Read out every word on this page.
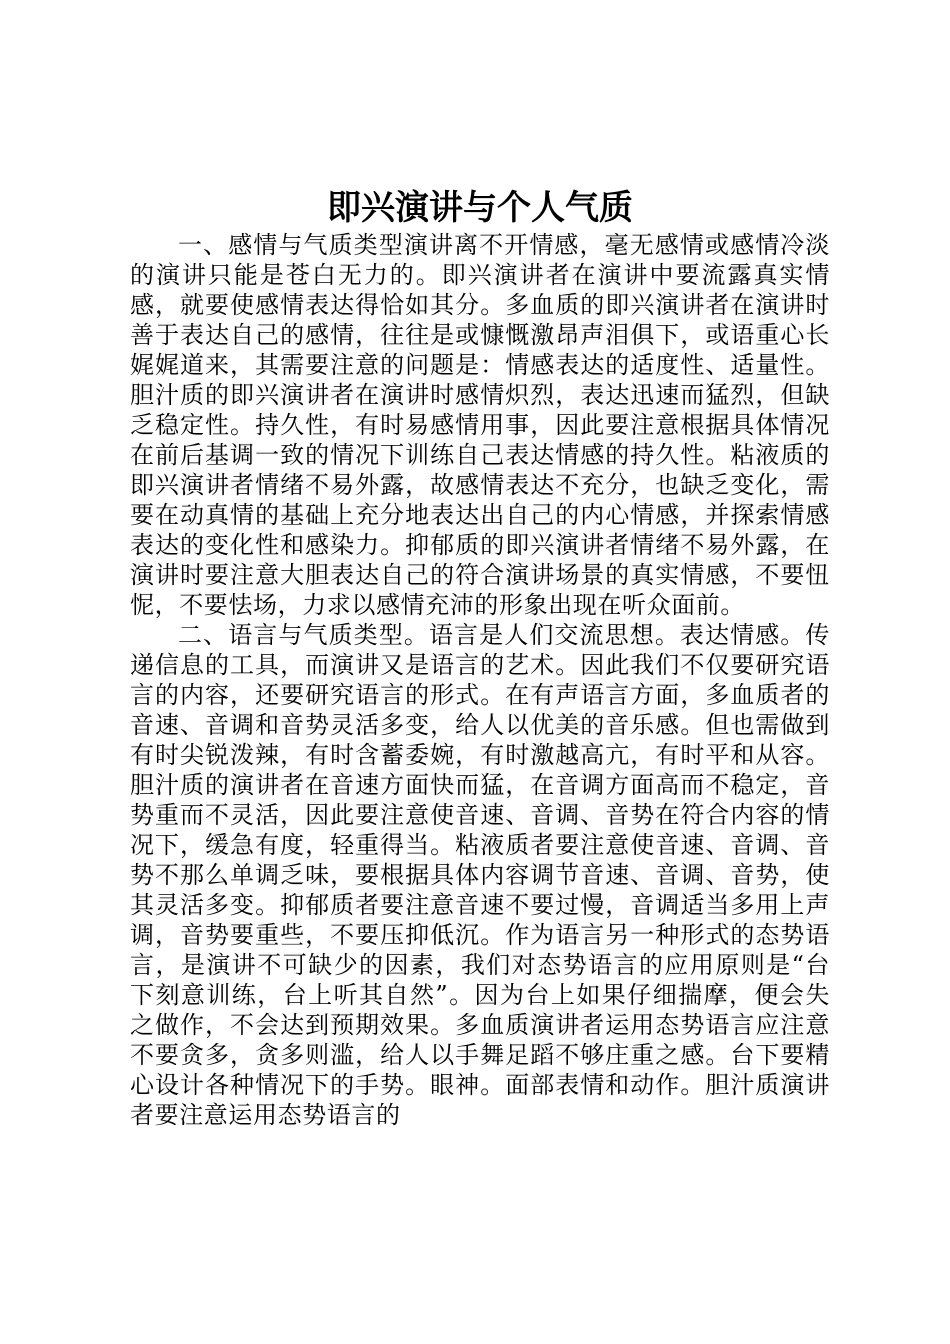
即兴演讲与个人气质

一、感情与气质类型演讲离不开情感，毫无感情或感情冷淡的演讲只能是苍白无力的。即兴演讲者在演讲中要流露真实情感，就要使感情表达得恰如其分。多血质的即兴演讲者在演讲时善于表达自己的感情，往往是或慷慨激昂声泪俱下，或语重心长娓娓道来，其需要注意的问题是：情感表达的适度性、适量性。胆汁质的即兴演讲者在演讲时感情炽烈，表达迅速而猛烈，但缺乏稳定性。持久性，有时易感情用事，因此要注意根据具体情况在前后基调一致的情况下训练自己表达情感的持久性。粘液质的即兴演讲者情绪不易外露，故感情表达不充分，也缺乏变化，需要在动真情的基础上充分地表达出自己的内心情感，并探索情感表达的变化性和感染力。抑郁质的即兴演讲者情绪不易外露，在演讲时要注意大胆表达自己的符合演讲场景的真实情感，不要忸怩，不要怯场，力求以感情充沛的形象出现在听众面前。

二、语言与气质类型。语言是人们交流思想。表达情感。传递信息的工具，而演讲又是语言的艺术。因此我们不仅要研究语言的内容，还要研究语言的形式。在有声语言方面，多血质者的音速、音调和音势灵活多变，给人以优美的音乐感。但也需做到有时尖锐泼辣，有时含蓄委婉，有时激越高亢，有时平和从容。胆汁质的演讲者在音速方面快而猛，在音调方面高而不稳定，音势重而不灵活，因此要注意使音速、音调、音势在符合内容的情况下，缓急有度，轻重得当。粘液质者要注意使音速、音调、音势不那么单调乏味，要根据具体内容调节音速、音调、音势，使其灵活多变。抑郁质者要注意音速不要过慢，音调适当多用上声调，音势要重些，不要压抑低沉。作为语言另一种形式的态势语言，是演讲不可缺少的因素，我们对态势语言的应用原则是“台下刻意训练，台上听其自然”。因为台上如果仔细揣摩，便会失之做作，不会达到预期效果。多血质演讲者运用态势语言应注意不要贪多，贪多则滥，给人以手舞足蹈不够庄重之感。台下要精心设计各种情况下的手势。眼神。面部表情和动作。胆汁质演讲者要注意运用态势语言的
